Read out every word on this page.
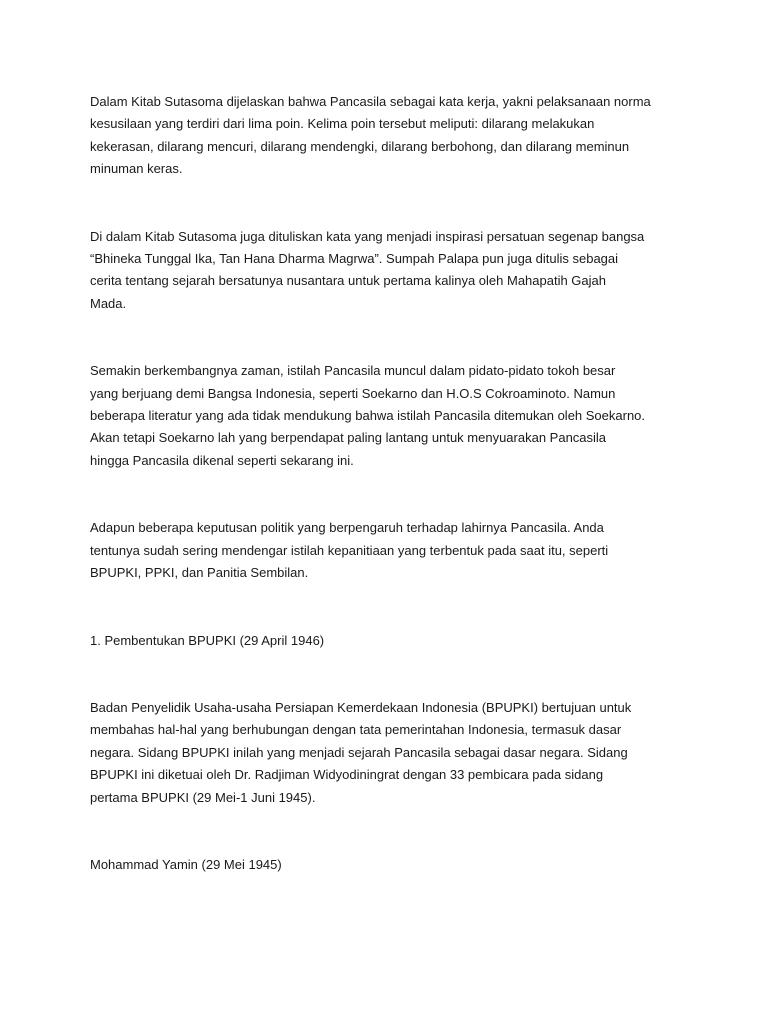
Dalam Kitab Sutasoma dijelaskan bahwa Pancasila sebagai kata kerja, yakni pelaksanaan norma
kesusilaan yang terdiri dari lima poin. Kelima poin tersebut meliputi: dilarang melakukan
kekerasan, dilarang mencuri, dilarang mendengki, dilarang berbohong, dan dilarang meminun
minuman keras.

Di dalam Kitab Sutasoma juga dituliskan kata yang menjadi inspirasi persatuan segenap bangsa
“Bhineka Tunggal Ika, Tan Hana Dharma Magrwa”. Sumpah Palapa pun juga ditulis sebagai
cerita tentang sejarah bersatunya nusantara untuk pertama kalinya oleh Mahapatih Gajah
Mada.

Semakin berkembangnya zaman, istilah Pancasila muncul dalam pidato-pidato tokoh besar
yang berjuang demi Bangsa Indonesia, seperti Soekarno dan H.O.S Cokroaminoto. Namun
beberapa literatur yang ada tidak mendukung bahwa istilah Pancasila ditemukan oleh Soekarno.
Akan tetapi Soekarno lah yang berpendapat paling lantang untuk menyuarakan Pancasila
hingga Pancasila dikenal seperti sekarang ini.

Adapun beberapa keputusan politik yang berpengaruh terhadap lahirnya Pancasila. Anda
tentunya sudah sering mendengar istilah kepanitiaan yang terbentuk pada saat itu, seperti
BPUPKI, PPKI, dan Panitia Sembilan.

1. Pembentukan BPUPKI (29 April 1946)

Badan Penyelidik Usaha-usaha Persiapan Kemerdekaan Indonesia (BPUPKI) bertujuan untuk
membahas hal-hal yang berhubungan dengan tata pemerintahan Indonesia, termasuk dasar
negara. Sidang BPUPKI inilah yang menjadi sejarah Pancasila sebagai dasar negara. Sidang
BPUPKI ini diketuai oleh Dr. Radjiman Widyodiningrat dengan 33 pembicara pada sidang
pertama BPUPKI (29 Mei-1 Juni 1945).

Mohammad Yamin (29 Mei 1945)
